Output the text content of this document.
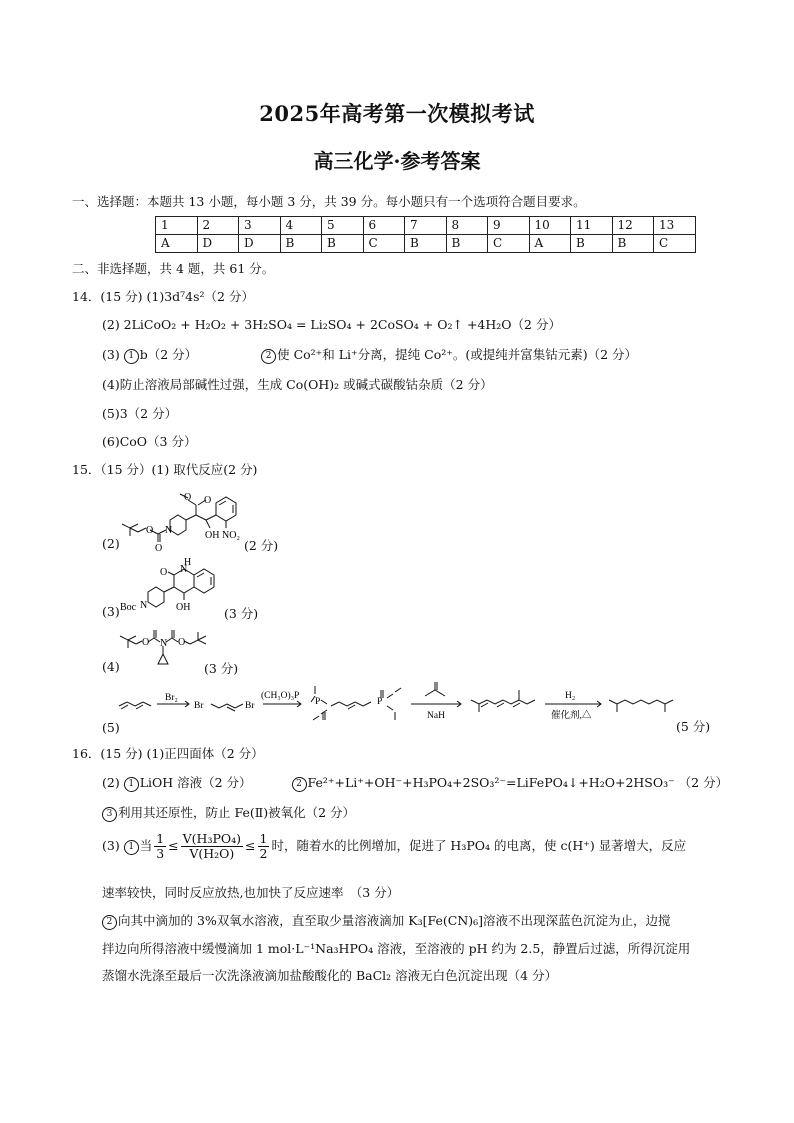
2025年高考第一次模拟考试
高三化学·参考答案
一、选择题：本题共 13 小题，每小题 3 分，共 39 分。每小题只有一个选项符合题目要求。
1	2	3	4	5	6	7	8	9	10	11	12	13
A	D	D	B	B	C	B	B	C	A	B	B	C
二、非选择题，共 4 题，共 61 分。
14．(15 分) (1)3d⁷4s²（2 分）
(2) 2LiCoO₂ + H₂O₂ + 3H₂SO₄ = Li₂SO₄ + 2CoSO₄ + O₂↑ +4H₂O（2 分）
(3) 1 b（2 分）	2 使 Co²⁺和 Li⁺分离，提纯 Co²⁺。(或提纯并富集钴元素)（2 分）
(4)防止溶液局部碱性过强，生成 Co(OH)₂ 或碱式碳酸钴杂质（2 分）
(5)3（2 分）
(6)CoO（3 分）
15．（15 分）(1) 取代反应(2 分)
(2)
O N
O
O
O
OH NO₂
(2 分)
(3)
H
N
O
Boc N	OH	(3 分)
(4)
O N O
(3 分)
(5)
Br₂
Br	Br
(CH₃O)₃P
P	P
NaH
H₂
催化剂,△
(5 分)
16．(15 分) (1)正四面体（2 分）
(2) 1 LiOH 溶液（2 分）	2 Fe²⁺+Li⁺+OH⁻+H₃PO₄+2SO₃²⁻=LiFePO₄↓+H₂O+2HSO₃⁻ （2 分）
3 利用其还原性，防止 Fe(Ⅱ)被氧化（2 分）
(3) 1 当 $\frac{1}{3} \le \frac{\text{V(H₃PO₄)}}{\text{V(H₂O)}} \le \frac{1}{2}$ 时，随着水的比例增加，促进了 H₃PO₄ 的电离，使 c(H⁺) 显著增大，反应
速率较快，同时反应放热,也加快了反应速率　（3 分）
2 向其中滴加的 3%双氧水溶液，直至取少量溶液滴加 K₃[Fe(CN)₆]溶液不出现深蓝色沉淀为止，边搅
拌边向所得溶液中缓慢滴加 1 mol·L⁻¹Na₃HPO₄ 溶液，至溶液的 pH 约为 2.5，静置后过滤，所得沉淀用
蒸馏水洗涤至最后一次洗涤液滴加盐酸酸化的 BaCl₂ 溶液无白色沉淀出现（4 分）
